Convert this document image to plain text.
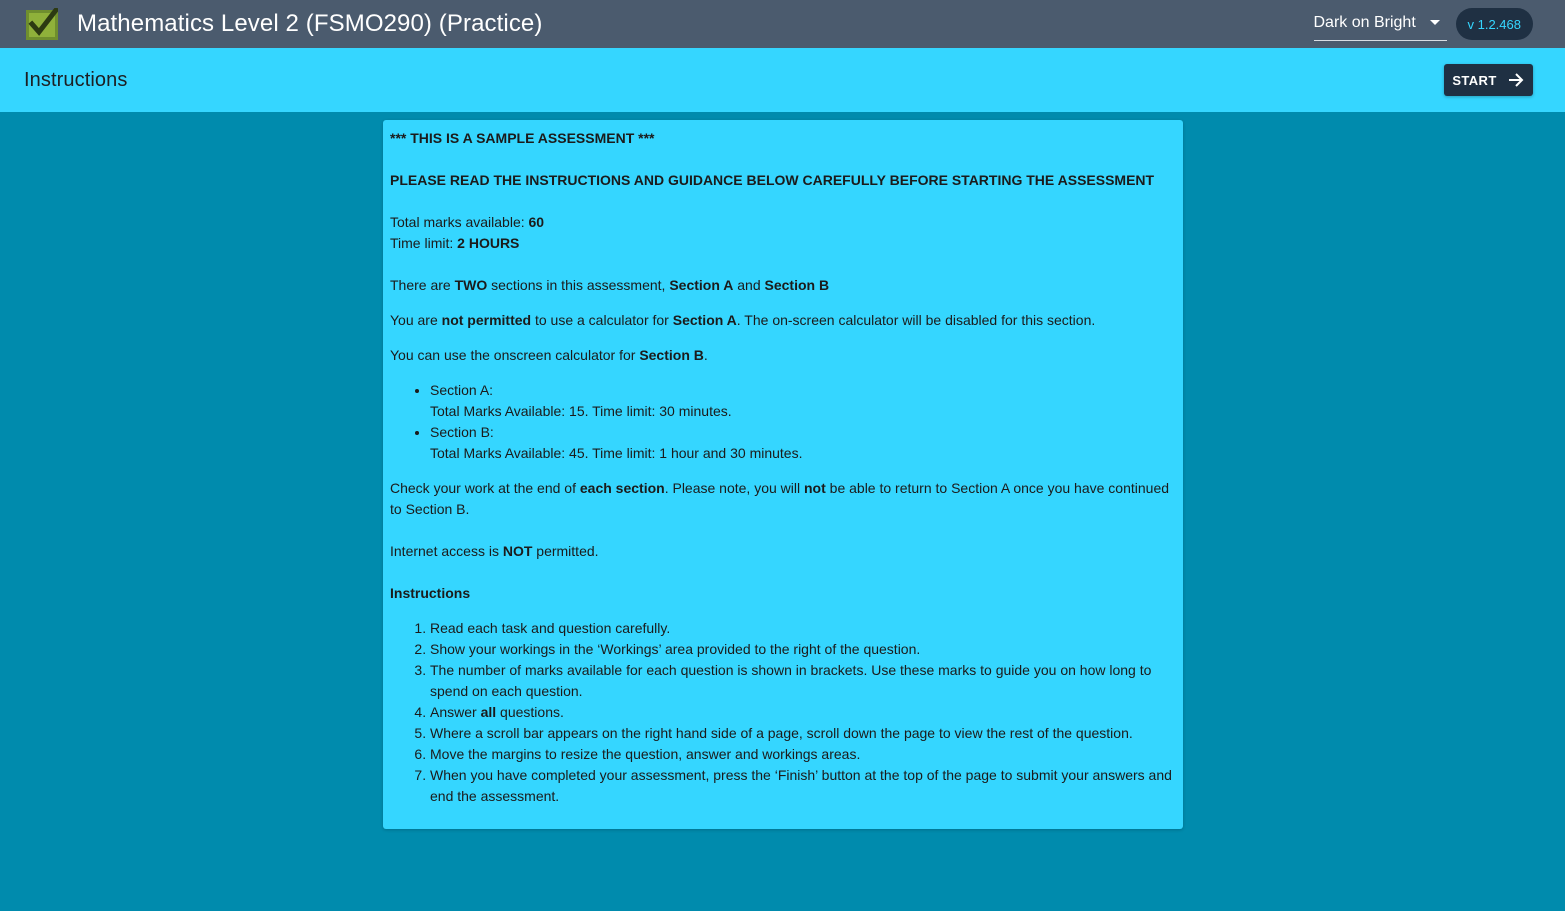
Mathematics Level 2 (FSMO290) (Practice)	Dark on Bright	v 1.2.468
Instructions	START

*** THIS IS A SAMPLE ASSESSMENT ***

PLEASE READ THE INSTRUCTIONS AND GUIDANCE BELOW CAREFULLY BEFORE STARTING THE ASSESSMENT

Total marks available: 60

Time limit: 2 HOURS

There are TWO sections in this assessment, Section A and Section B

You are not permitted to use a calculator for Section A. The on-screen calculator will be disabled for this section.

You can use the onscreen calculator for Section B.

• Section A:
Total Marks Available: 15. Time limit: 30 minutes.
• Section B:
Total Marks Available: 45. Time limit: 1 hour and 30 minutes.

Check your work at the end of each section. Please note, you will not be able to return to Section A once you have continued to Section B.

Internet access is NOT permitted.

Instructions

1. Read each task and question carefully.
2. Show your workings in the ‘Workings’ area provided to the right of the question.
3. The number of marks available for each question is shown in brackets. Use these marks to guide you on how long to spend on each question.
4. Answer all questions.
5. Where a scroll bar appears on the right hand side of a page, scroll down the page to view the rest of the question.
6. Move the margins to resize the question, answer and workings areas.
7. When you have completed your assessment, press the ‘Finish’ button at the top of the page to submit your answers and end the assessment.
